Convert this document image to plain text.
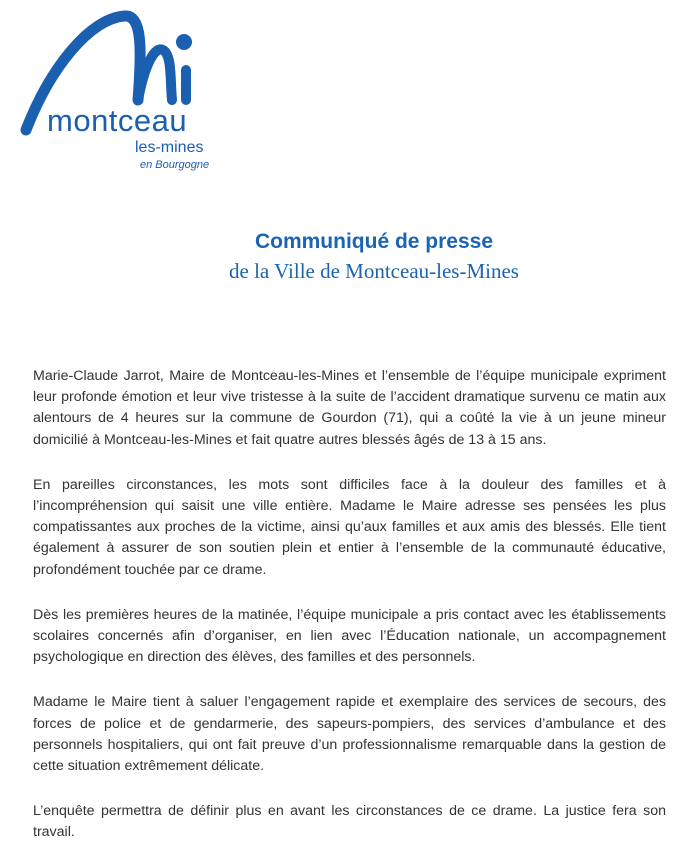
montceau
les-mines
en Bourgogne
Communiqué de presse
de la Ville de Montceau-les-Mines

Marie-Claude Jarrot, Maire de Montceau-les-Mines et l’ensemble de l’équipe municipale expriment leur profonde émotion et leur vive tristesse à la suite de l’accident dramatique survenu ce matin aux alentours de 4 heures sur la commune de Gourdon (71), qui a coûté la vie à un jeune mineur domicilié à Montceau-les-Mines et fait quatre autres blessés âgés de 13 à 15 ans.

En pareilles circonstances, les mots sont difficiles face à la douleur des familles et à l’incompréhension qui saisit une ville entière. Madame le Maire adresse ses pensées les plus compatissantes aux proches de la victime, ainsi qu’aux familles et aux amis des blessés. Elle tient également à assurer de son soutien plein et entier à l’ensemble de la communauté éducative, profondément touchée par ce drame.

Dès les premières heures de la matinée, l’équipe municipale a pris contact avec les établissements scolaires concernés afin d’organiser, en lien avec l’Éducation nationale, un accompagnement psychologique en direction des élèves, des familles et des personnels.

Madame le Maire tient à saluer l’engagement rapide et exemplaire des services de secours, des forces de police et de gendarmerie, des sapeurs-pompiers, des services d’ambulance et des personnels hospitaliers, qui ont fait preuve d’un professionnalisme remarquable dans la gestion de cette situation extrêmement délicate.

L’enquête permettra de définir plus en avant les circonstances de ce drame. La justice fera son travail.
